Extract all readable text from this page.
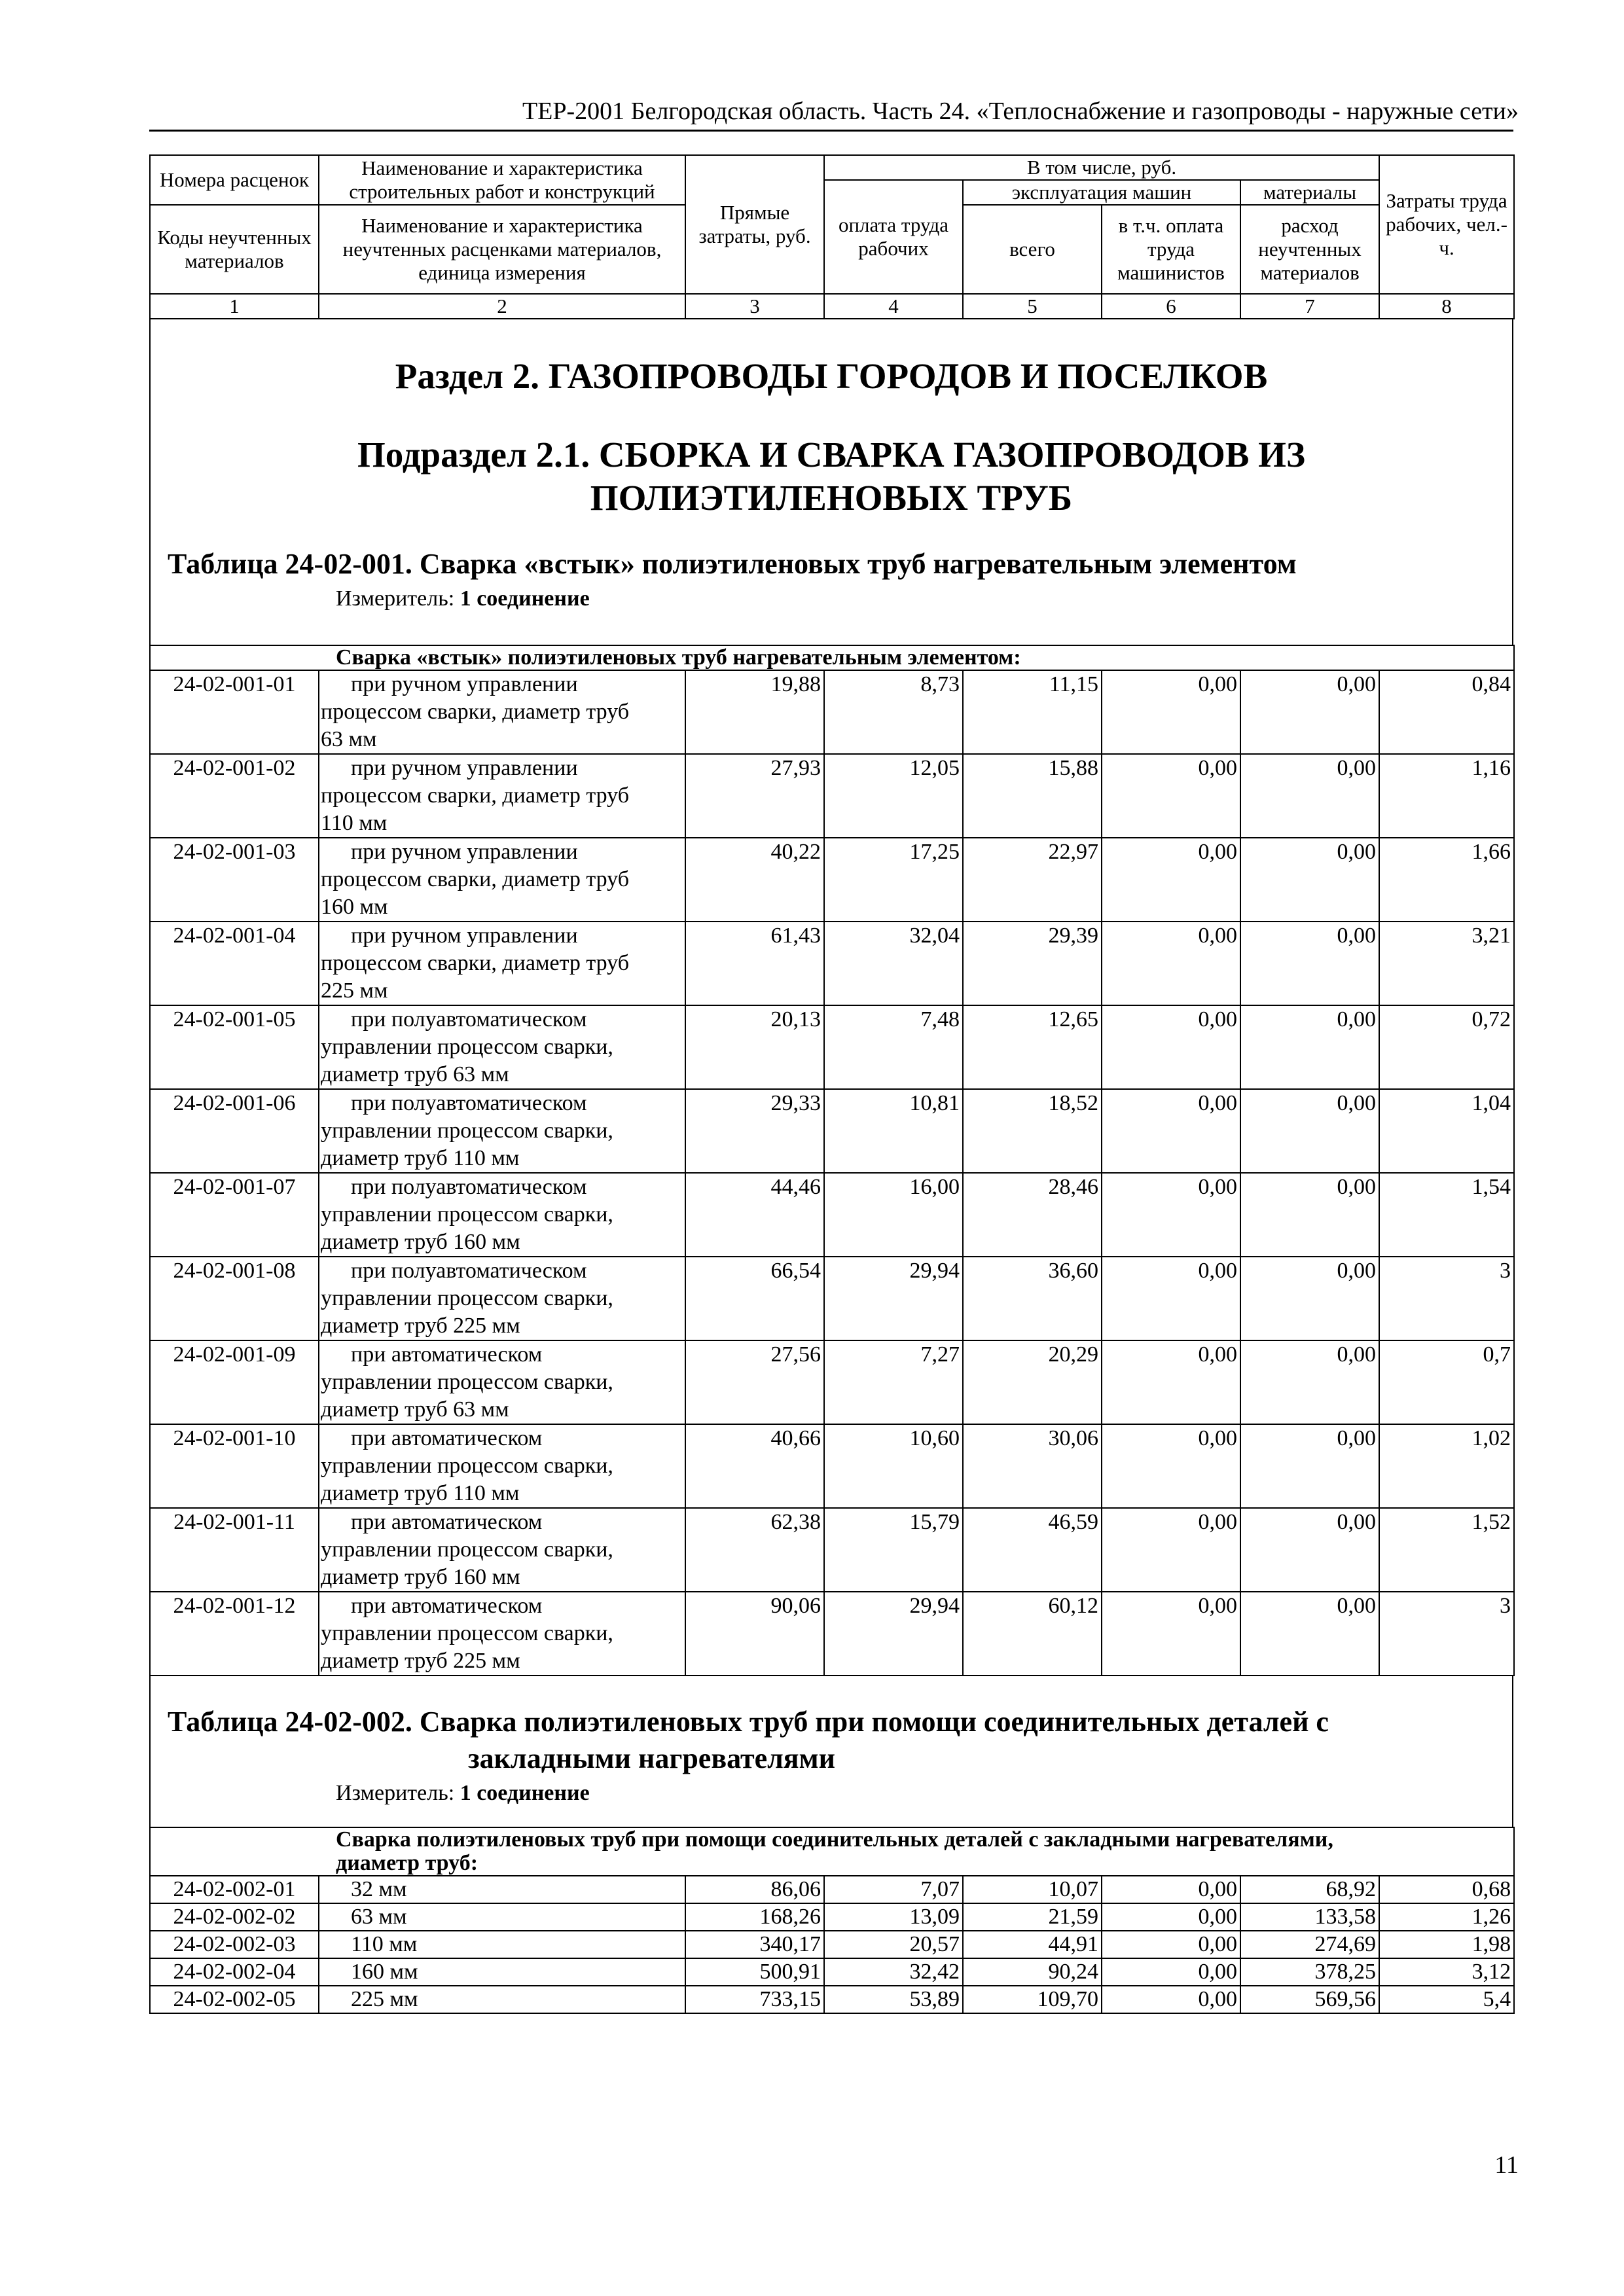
ТЕР-2001 Белгородская область. Часть 24. «Теплоснабжение и газопроводы - наружные сети»
Номера расценок	Наименование и характеристика строительных работ и конструкций	Прямые затраты, руб.	В том числе, руб.				Затраты труда рабочих, чел.-ч.
			оплата труда рабочих	эксплуатация машин		материалы	
Коды неучтенных материалов	Наименование и характеристика неучтенных расценками материалов, единица измерения			всего	в т.ч. оплата труда машинистов	расход неучтенных материалов	

1	2	3	4	5	6	7	8
Раздел 2. ГАЗОПРОВОДЫ ГОРОДОВ И ПОСЕЛКОВ
Подраздел 2.1. СБОРКА И СВАРКА ГАЗОПРОВОДОВ ИЗ
ПОЛИЭТИЛЕНОВЫХ ТРУБ
Таблица 24-02-001. Сварка «встык» полиэтиленовых труб нагревательным элементом
Измеритель: 1 соединение
Сварка «встык» полиэтиленовых труб нагревательным элементом:							
24-02-001-01	при ручном управлении
процессом сварки, диаметр труб
63 мм	19,88	8,73	11,15	0,00	0,00	0,84
24-02-001-02	при ручном управлении
процессом сварки, диаметр труб
110 мм	27,93	12,05	15,88	0,00	0,00	1,16
24-02-001-03	при ручном управлении
процессом сварки, диаметр труб
160 мм	40,22	17,25	22,97	0,00	0,00	1,66
24-02-001-04	при ручном управлении
процессом сварки, диаметр труб
225 мм	61,43	32,04	29,39	0,00	0,00	3,21
24-02-001-05	при полуавтоматическом
управлении процессом сварки,
диаметр труб 63 мм	20,13	7,48	12,65	0,00	0,00	0,72
24-02-001-06	при полуавтоматическом
управлении процессом сварки,
диаметр труб 110 мм	29,33	10,81	18,52	0,00	0,00	1,04
24-02-001-07	при полуавтоматическом
управлении процессом сварки,
диаметр труб 160 мм	44,46	16,00	28,46	0,00	0,00	1,54
24-02-001-08	при полуавтоматическом
управлении процессом сварки,
диаметр труб 225 мм	66,54	29,94	36,60	0,00	0,00	3
24-02-001-09	при автоматическом
управлении процессом сварки,
диаметр труб 63 мм	27,56	7,27	20,29	0,00	0,00	0,7
24-02-001-10	при автоматическом
управлении процессом сварки,
диаметр труб 110 мм	40,66	10,60	30,06	0,00	0,00	1,02
24-02-001-11	при автоматическом
управлении процессом сварки,
диаметр труб 160 мм	62,38	15,79	46,59	0,00	0,00	1,52
24-02-001-12	при автоматическом
управлении процессом сварки,
диаметр труб 225 мм	90,06	29,94	60,12	0,00	0,00	3
Таблица 24-02-002. Сварка полиэтиленовых труб при помощи соединительных деталей с
закладными нагревателями
Измеритель: 1 соединение
Сварка полиэтиленовых труб при помощи соединительных деталей с закладными нагревателями,
диаметр труб:							

24-02-002-01	32 мм	86,06	7,07	10,07	0,00	68,92	0,68
24-02-002-02	63 мм	168,26	13,09	21,59	0,00	133,58	1,26
24-02-002-03	110 мм	340,17	20,57	44,91	0,00	274,69	1,98
24-02-002-04	160 мм	500,91	32,42	90,24	0,00	378,25	3,12
24-02-002-05	225 мм	733,15	53,89	109,70	0,00	569,56	5,4
11
